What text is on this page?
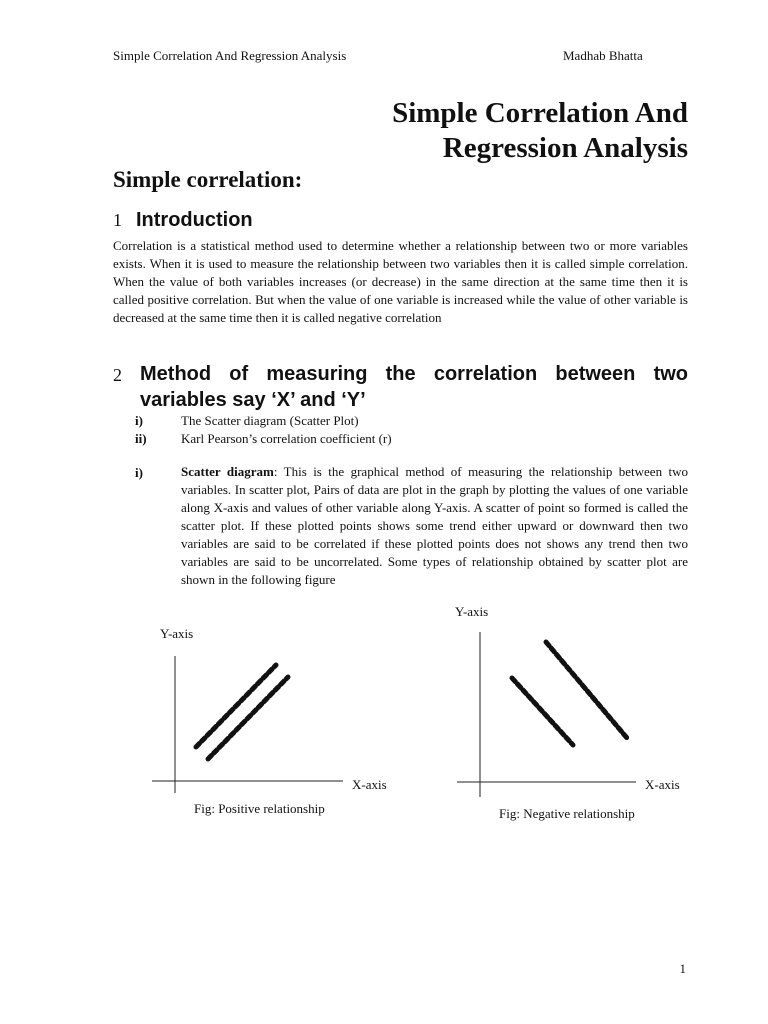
Simple Correlation And Regression Analysis	Madhab Bhatta
Simple Correlation And
Regression Analysis
Simple correlation:
1 Introduction
Correlation is a statistical method used to determine whether a relationship between two or more variables exists. When it is used to measure the relationship between two variables then it is called simple correlation. When the value of both variables increases (or decrease) in the same direction at the same time then it is called positive correlation. But when the value of one variable is increased while the value of other variable is decreased at the same time then it is called negative correlation
2 Method of measuring the correlation between two
variables say ‘X’ and ‘Y’
i)	The Scatter diagram (Scatter Plot)
ii)	Karl Pearson’s correlation coefficient (r)
i)	Scatter diagram: This is the graphical method of measuring the relationship between two variables. In scatter plot, Pairs of data are plot in the graph by plotting the values of one variable along X-axis and values of other variable along Y-axis. A scatter of point so formed is called the scatter plot. If these plotted points shows some trend either upward or downward then two variables are said to be correlated if these plotted points does not shows any trend then two variables are said to be uncorrelated. Some types of relationship obtained by scatter plot are shown in the following figure
Y-axis
X-axis
Fig: Positive relationship
Y-axis
X-axis
Fig: Negative relationship
1
